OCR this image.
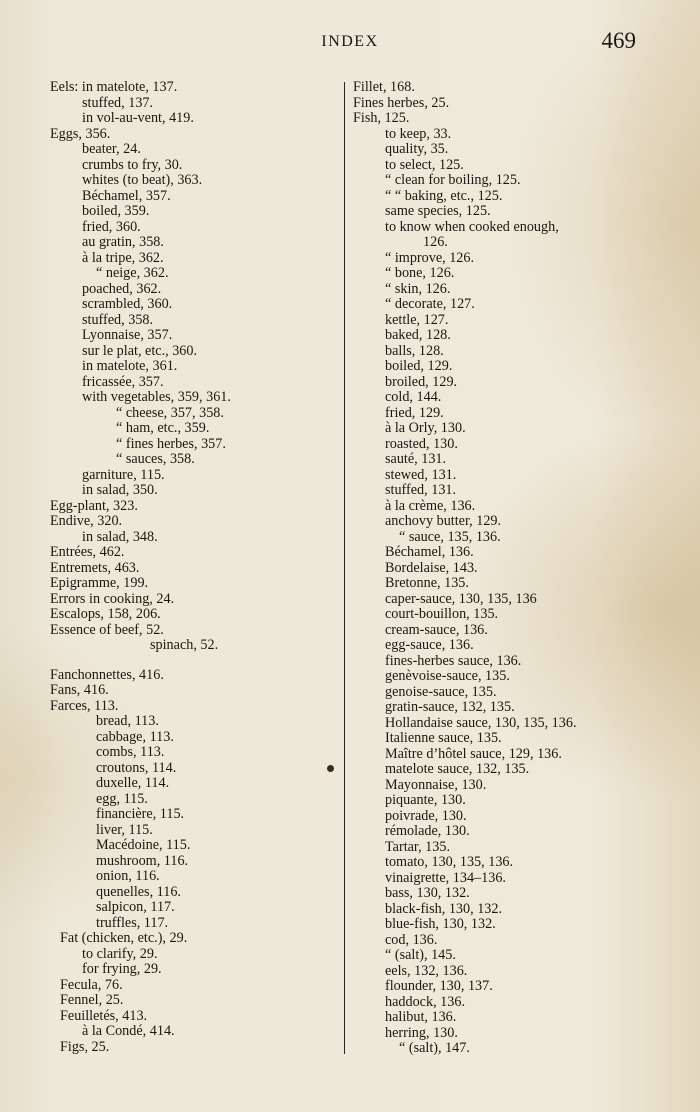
INDEX	469
Eels: in matelote, 137.
stuffed, 137.
in vol-au-vent, 419.
Eggs, 356.
beater, 24.
crumbs to fry, 30.
whites (to beat), 363.
Béchamel, 357.
boiled, 359.
fried, 360.
au gratin, 358.
à la tripe, 362.
“ neige, 362.
poached, 362.
scrambled, 360.
stuffed, 358.
Lyonnaise, 357.
sur le plat, etc., 360.
in matelote, 361.
fricassée, 357.
with vegetables, 359, 361.
“ cheese, 357, 358.
“ ham, etc., 359.
“ fines herbes, 357.
“ sauces, 358.
garniture, 115.
in salad, 350.
Egg-plant, 323.
Endive, 320.
in salad, 348.
Entrées, 462.
Entremets, 463.
Epigramme, 199.
Errors in cooking, 24.
Escalops, 158, 206.
Essence of beef, 52.
spinach, 52.
Fanchonnettes, 416.
Fans, 416.
Farces, 113.
bread, 113.
cabbage, 113.
combs, 113.
croutons, 114.
duxelle, 114.
egg, 115.
financière, 115.
liver, 115.
Macédoine, 115.
mushroom, 116.
onion, 116.
quenelles, 116.
salpicon, 117.
truffles, 117.
Fat (chicken, etc.), 29.
to clarify, 29.
for frying, 29.
Fecula, 76.
Fennel, 25.
Feuilletés, 413.
à la Condé, 414.
Figs, 25.
Fillet, 168.
Fines herbes, 25.
Fish, 125.
to keep, 33.
quality, 35.
to select, 125.
“ clean for boiling, 125.
“ “ baking, etc., 125.
same species, 125.
to know when cooked enough,
126.
“ improve, 126.
“ bone, 126.
“ skin, 126.
“ decorate, 127.
kettle, 127.
baked, 128.
balls, 128.
boiled, 129.
broiled, 129.
cold, 144.
fried, 129.
à la Orly, 130.
roasted, 130.
sauté, 131.
stewed, 131.
stuffed, 131.
à la crème, 136.
anchovy butter, 129.
“ sauce, 135, 136.
Béchamel, 136.
Bordelaise, 143.
Bretonne, 135.
caper-sauce, 130, 135, 136
court-bouillon, 135.
cream-sauce, 136.
egg-sauce, 136.
fines-herbes sauce, 136.
genèvoise-sauce, 135.
genoise-sauce, 135.
gratin-sauce, 132, 135.
Hollandaise sauce, 130, 135, 136.
Italienne sauce, 135.
Maître d’hôtel sauce, 129, 136.
matelote sauce, 132, 135.
Mayonnaise, 130.
piquante, 130.
poivrade, 130.
rémolade, 130.
Tartar, 135.
tomato, 130, 135, 136.
vinaigrette, 134–136.
bass, 130, 132.
black-fish, 130, 132.
blue-fish, 130, 132.
cod, 136.
“ (salt), 145.
eels, 132, 136.
flounder, 130, 137.
haddock, 136.
halibut, 136.
herring, 130.
“ (salt), 147.
